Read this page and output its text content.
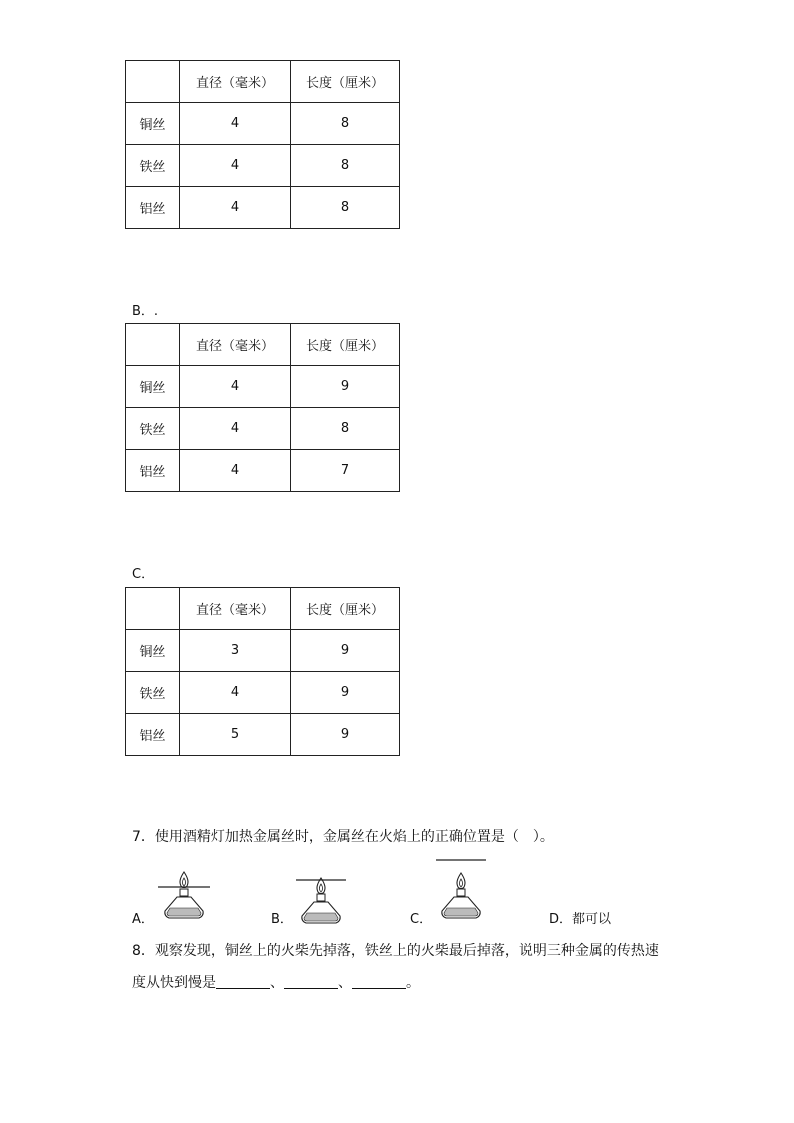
	直径（毫米）	长度（厘米）
铜丝	4	8
铁丝	4	8
铝丝	4	8
B．.
	直径（毫米）	长度（厘米）
铜丝	4	9
铁丝	4	8
铝丝	4	7
C．
	直径（毫米）	长度（厘米）
铜丝	3	9
铁丝	4	9
铝丝	5	9
7．使用酒精灯加热金属丝时，金属丝在火焰上的正确位置是（　）。
A．	B．	C．	D．都可以
8．观察发现，铜丝上的火柴先掉落，铁丝上的火柴最后掉落，说明三种金属的传热速
度从快到慢是	、	、	。
